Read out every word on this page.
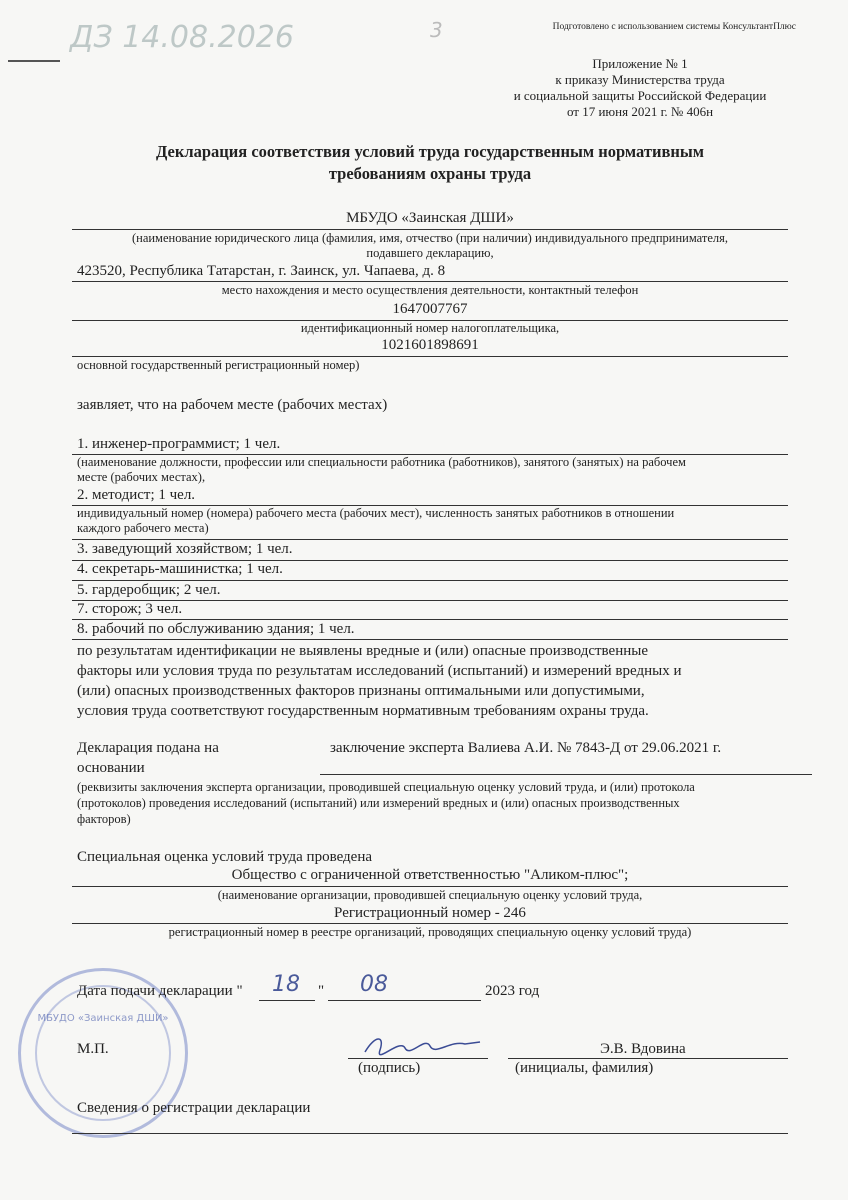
Подготовлено с использованием системы КонсультантПлюс
ДЗ 14.08.2026	3
Приложение № 1
к приказу Министерства труда
и социальной защиты Российской Федерации
от 17 июня 2021 г. № 406н
Декларация соответствия условий труда государственным нормативным
требованиям охраны труда
МБУДО «Заинская ДШИ»
(наименование юридического лица (фамилия, имя, отчество (при наличии) индивидуального предпринимателя,
подавшего декларацию,
423520, Республика Татарстан, г. Заинск, ул. Чапаева, д. 8
место нахождения и место осуществления деятельности, контактный телефон
1647007767
идентификационный номер налогоплательщика,
1021601898691
основной государственный регистрационный номер)
заявляет, что на рабочем месте (рабочих местах)
1. инженер-программист; 1 чел.
(наименование должности, профессии или специальности работника (работников), занятого (занятых) на рабочем
месте (рабочих местах),
2. методист; 1 чел.
индивидуальный номер (номера) рабочего места (рабочих мест), численность занятых работников в отношении
каждого рабочего места)
3. заведующий хозяйством; 1 чел.
4. секретарь-машинистка; 1 чел.
5. гардеробщик; 2 чел.
7. сторож; 3 чел.
8. рабочий по обслуживанию здания; 1 чел.
по результатам идентификации не выявлены вредные и (или) опасные производственные
факторы или условия труда по результатам исследований (испытаний) и измерений вредных и
(или) опасных производственных факторов признаны оптимальными или допустимыми,
условия труда соответствуют государственным нормативным требованиям охраны труда.
Декларация подана на
основании
заключение эксперта Валиева А.И. № 7843-Д от 29.06.2021 г.
(реквизиты заключения эксперта организации, проводившей специальную оценку условий труда, и (или) протокола
(протоколов) проведения исследований (испытаний) или измерений вредных и (или) опасных производственных
факторов)
Специальная оценка условий труда проведена
Общество с ограниченной ответственностью "Аликом-плюс";
(наименование организации, проводившей специальную оценку условий труда,
Регистрационный номер - 246
регистрационный номер в реестре организаций, проводящих специальную оценку условий труда)
МБУДО «Заинская ДШИ»
Дата подачи декларации " 18 " 08	2023 год
М.П.	Э.В. Вдовина
(подпись)	(инициалы, фамилия)
Сведения о регистрации декларации
